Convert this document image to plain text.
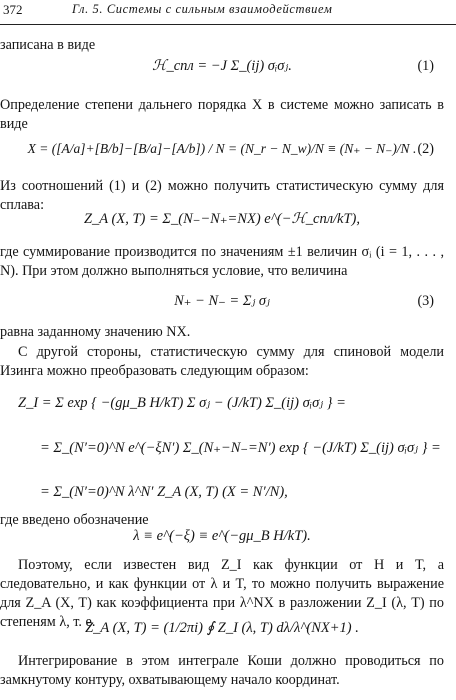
372	Гл. 5. Системы с сильным взаимодействием

записана в виде

ℋ_спл = −J Σ_(ij) σᵢσⱼ.	(1)

Определение степени дальнего порядка X в системе можно записать в виде

X = ([A/a]+[B/b]−[B/a]−[A/b]) / N = (N_r − N_w)/N ≡ (N₊ − N₋)/N . (2)

Из соотношений (1) и (2) можно получить статистическую сумму для сплава:

Z_A (X, T) = Σ_(N₋−N₊=NX) e^(−ℋ_спл/kT),

где суммирование производится по значениям ±1 величин σᵢ (i = 1, . . . , N). При этом должно выполняться условие, что величина

N₊ − N₋ = Σⱼ σⱼ	(3)

равна заданному значению NX.

С другой стороны, статистическую сумму для спиновой модели Изинга можно преобразовать следующим образом:

Z_I = Σ exp { −(gμ_B H/kT) Σ σⱼ − (J/kT) Σ_(ij) σᵢσⱼ } =
= Σ_(N′=0)^N e^(−ξN′) Σ_(N₊−N₋=N′) exp { −(J/kT) Σ_(ij) σᵢσⱼ } =
= Σ_(N′=0)^N λ^N′ Z_A (X, T) (X = N′/N),

где введено обозначение

λ ≡ e^(−ξ) ≡ e^(−gμ_B H/kT).

Поэтому, если известен вид Z_I как функции от H и T, а следовательно, и как функции от λ и T, то можно получить выражение для Z_A (X, T) как коэффициента при λ^NX в разложении Z_I (λ, T) по степеням λ, т. е.

Z_A (X, T) = (1/2πi) ∮ Z_I (λ, T) dλ/λ^(NX+1) .

Интегрирование в этом интеграле Коши должно проводиться по замкнутому контуру, охватывающему начало координат.
